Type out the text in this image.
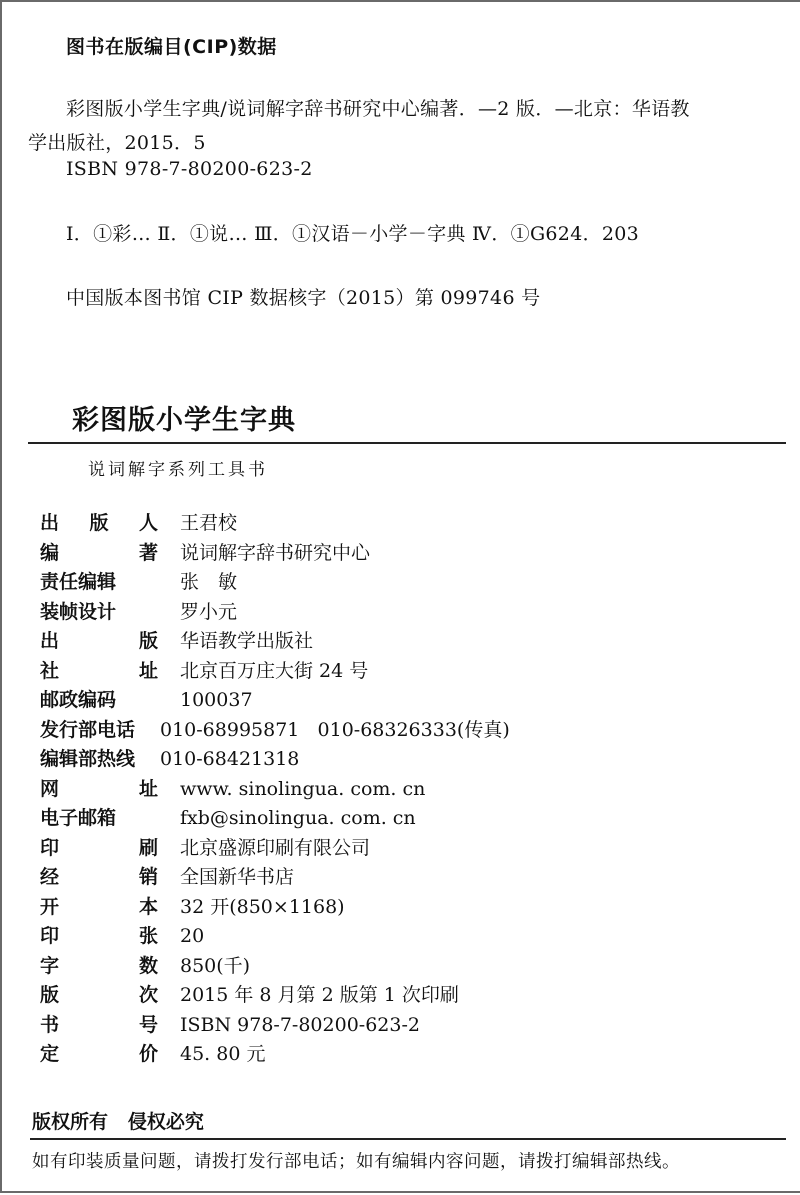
图书在版编目(CIP)数据
彩图版小学生字典/说词解字辞书研究中心编著．—2 版．—北京：华语教
学出版社，2015．5
ISBN 978-7-80200-623-2
Ⅰ．①彩… Ⅱ．①说… Ⅲ．①汉语－小学－字典 Ⅳ．①G624．203
中国版本图书馆 CIP 数据核字（2015）第 099746 号
彩图版小学生字典
说词解字系列工具书
出 版 人	王君校
编	著	说词解字辞书研究中心
责任编辑	张　敏
装帧设计	罗小元
出	版	华语教学出版社
社	址	北京百万庄大街 24 号
邮政编码	100037
发行部电话 010-68995871   010-68326333(传真)
编辑部热线 010-68421318
网	址	www. sinolingua. com. cn
电子邮箱	fxb@sinolingua. com. cn
印	刷	北京盛源印刷有限公司
经	销	全国新华书店
开	本	32 开(850×1168)
印	张	20
字	数	850(千)
版	次	2015 年 8 月第 2 版第 1 次印刷
书	号	ISBN 978-7-80200-623-2
定	价	45. 80 元
版权所有   侵权必究
如有印装质量问题，请拨打发行部电话；如有编辑内容问题，请拨打编辑部热线。
